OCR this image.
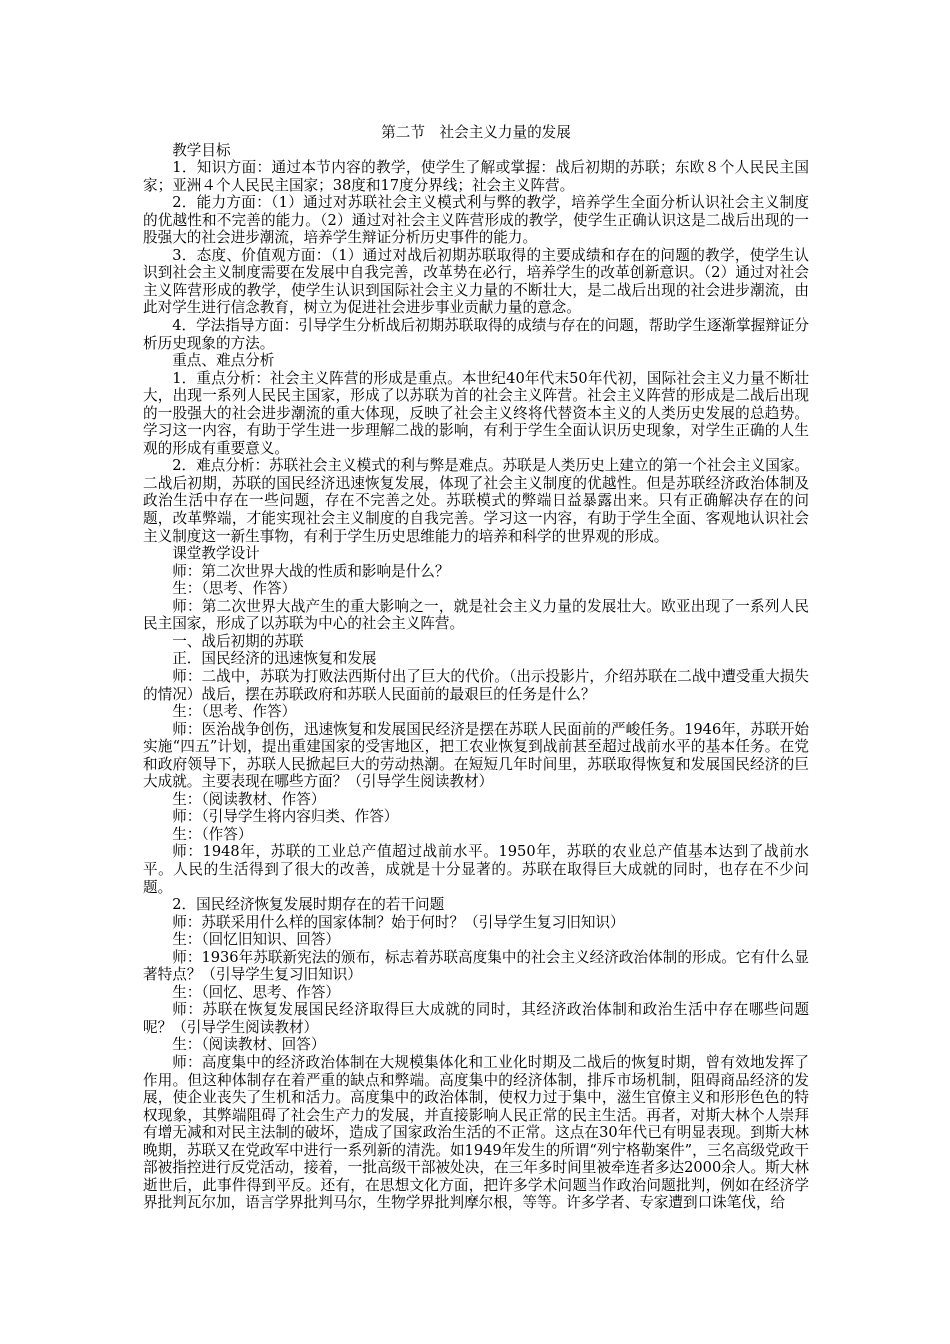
第二节　社会主义力量的发展

教学目标

1．知识方面：通过本节内容的教学，使学生了解或掌握：战后初期的苏联；东欧８个人民民主国家；亚洲４个人民民主国家；38度和17度分界线；社会主义阵营。

2．能力方面：（1）通过对苏联社会主义模式利与弊的教学，培养学生全面分析认识社会主义制度的优越性和不完善的能力。（2）通过对社会主义阵营形成的教学，使学生正确认识这是二战后出现的一股强大的社会进步潮流，培养学生辩证分析历史事件的能力。

3．态度、价值观方面：（1）通过对战后初期苏联取得的主要成绩和存在的问题的教学，使学生认识到社会主义制度需要在发展中自我完善，改革势在必行，培养学生的改革创新意识。（2）通过对社会主义阵营形成的教学，使学生认识到国际社会主义力量的不断壮大，是二战后出现的社会进步潮流，由此对学生进行信念教育，树立为促进社会进步事业贡献力量的意念。

4．学法指导方面：引导学生分析战后初期苏联取得的成绩与存在的问题，帮助学生逐渐掌握辩证分析历史现象的方法。

重点、难点分析

1．重点分析：社会主义阵营的形成是重点。本世纪40年代末50年代初，国际社会主义力量不断壮大，出现一系列人民民主国家，形成了以苏联为首的社会主义阵营。社会主义阵营的形成是二战后出现的一股强大的社会进步潮流的重大体现，反映了社会主义终将代替资本主义的人类历史发展的总趋势。学习这一内容，有助于学生进一步理解二战的影响，有利于学生全面认识历史现象，对学生正确的人生观的形成有重要意义。

2．难点分析：苏联社会主义模式的利与弊是难点。苏联是人类历史上建立的第一个社会主义国家。二战后初期，苏联的国民经济迅速恢复发展，体现了社会主义制度的优越性。但是苏联经济政治体制及政治生活中存在一些问题，存在不完善之处。苏联模式的弊端日益暴露出来。只有正确解决存在的问题，改革弊端，才能实现社会主义制度的自我完善。学习这一内容，有助于学生全面、客观地认识社会主义制度这一新生事物，有利于学生历史思维能力的培养和科学的世界观的形成。

课堂教学设计

师：第二次世界大战的性质和影响是什么？

生：（思考、作答）

师：第二次世界大战产生的重大影响之一，就是社会主义力量的发展壮大。欧亚出现了一系列人民民主国家，形成了以苏联为中心的社会主义阵营。

一、战后初期的苏联

正．国民经济的迅速恢复和发展

师：二战中，苏联为打败法西斯付出了巨大的代价。（出示投影片，介绍苏联在二战中遭受重大损失的情况）战后，摆在苏联政府和苏联人民面前的最艰巨的任务是什么？

生：（思考、作答）

师：医治战争创伤，迅速恢复和发展国民经济是摆在苏联人民面前的严峻任务。1946年，苏联开始实施“四五”计划，提出重建国家的受害地区，把工农业恢复到战前甚至超过战前水平的基本任务。在党和政府领导下，苏联人民掀起巨大的劳动热潮。在短短几年时间里，苏联取得恢复和发展国民经济的巨大成就。主要表现在哪些方面？（引导学生阅读教材）

生：（阅读教材、作答）

师：（引导学生将内容归类、作答）

生：（作答）

师：1948年，苏联的工业总产值超过战前水平。1950年，苏联的农业总产值基本达到了战前水平。人民的生活得到了很大的改善，成就是十分显著的。苏联在取得巨大成就的同时，也存在不少问题。

2．国民经济恢复发展时期存在的若干问题

师：苏联采用什么样的国家体制？始于何时？（引导学生复习旧知识）

生：（回忆旧知识、回答）

师：1936年苏联新宪法的颁布，标志着苏联高度集中的社会主义经济政治体制的形成。它有什么显著特点？（引导学生复习旧知识）

生：（回忆、思考、作答）

师：苏联在恢复发展国民经济取得巨大成就的同时，其经济政治体制和政治生活中存在哪些问题呢？（引导学生阅读教材）

生：（阅读教材、回答）

师：高度集中的经济政治体制在大规模集体化和工业化时期及二战后的恢复时期，曾有效地发挥了作用。但这种体制存在着严重的缺点和弊端。高度集中的经济体制，排斥市场机制，阻碍商品经济的发展，使企业丧失了生机和活力。高度集中的政治体制，使权力过于集中，滋生官僚主义和形形色色的特权现象，其弊端阻碍了社会生产力的发展，并直接影响人民正常的民主生活。再者，对斯大林个人崇拜有增无减和对民主法制的破坏，造成了国家政治生活的不正常。这点在30年代已有明显表现。到斯大林晚期，苏联又在党政军中进行一系列新的清洗。如1949年发生的所谓“列宁格勒案件”，三名高级党政干部被指控进行反党活动，接着，一批高级干部被处决，在三年多时间里被牵连者多达2000余人。斯大林逝世后，此事件得到平反。还有，在思想文化方面，把许多学术问题当作政治问题批判，例如在经济学界批判瓦尔加，语言学界批判马尔，生物学界批判摩尔根，等等。许多学者、专家遭到口诛笔伐，给
